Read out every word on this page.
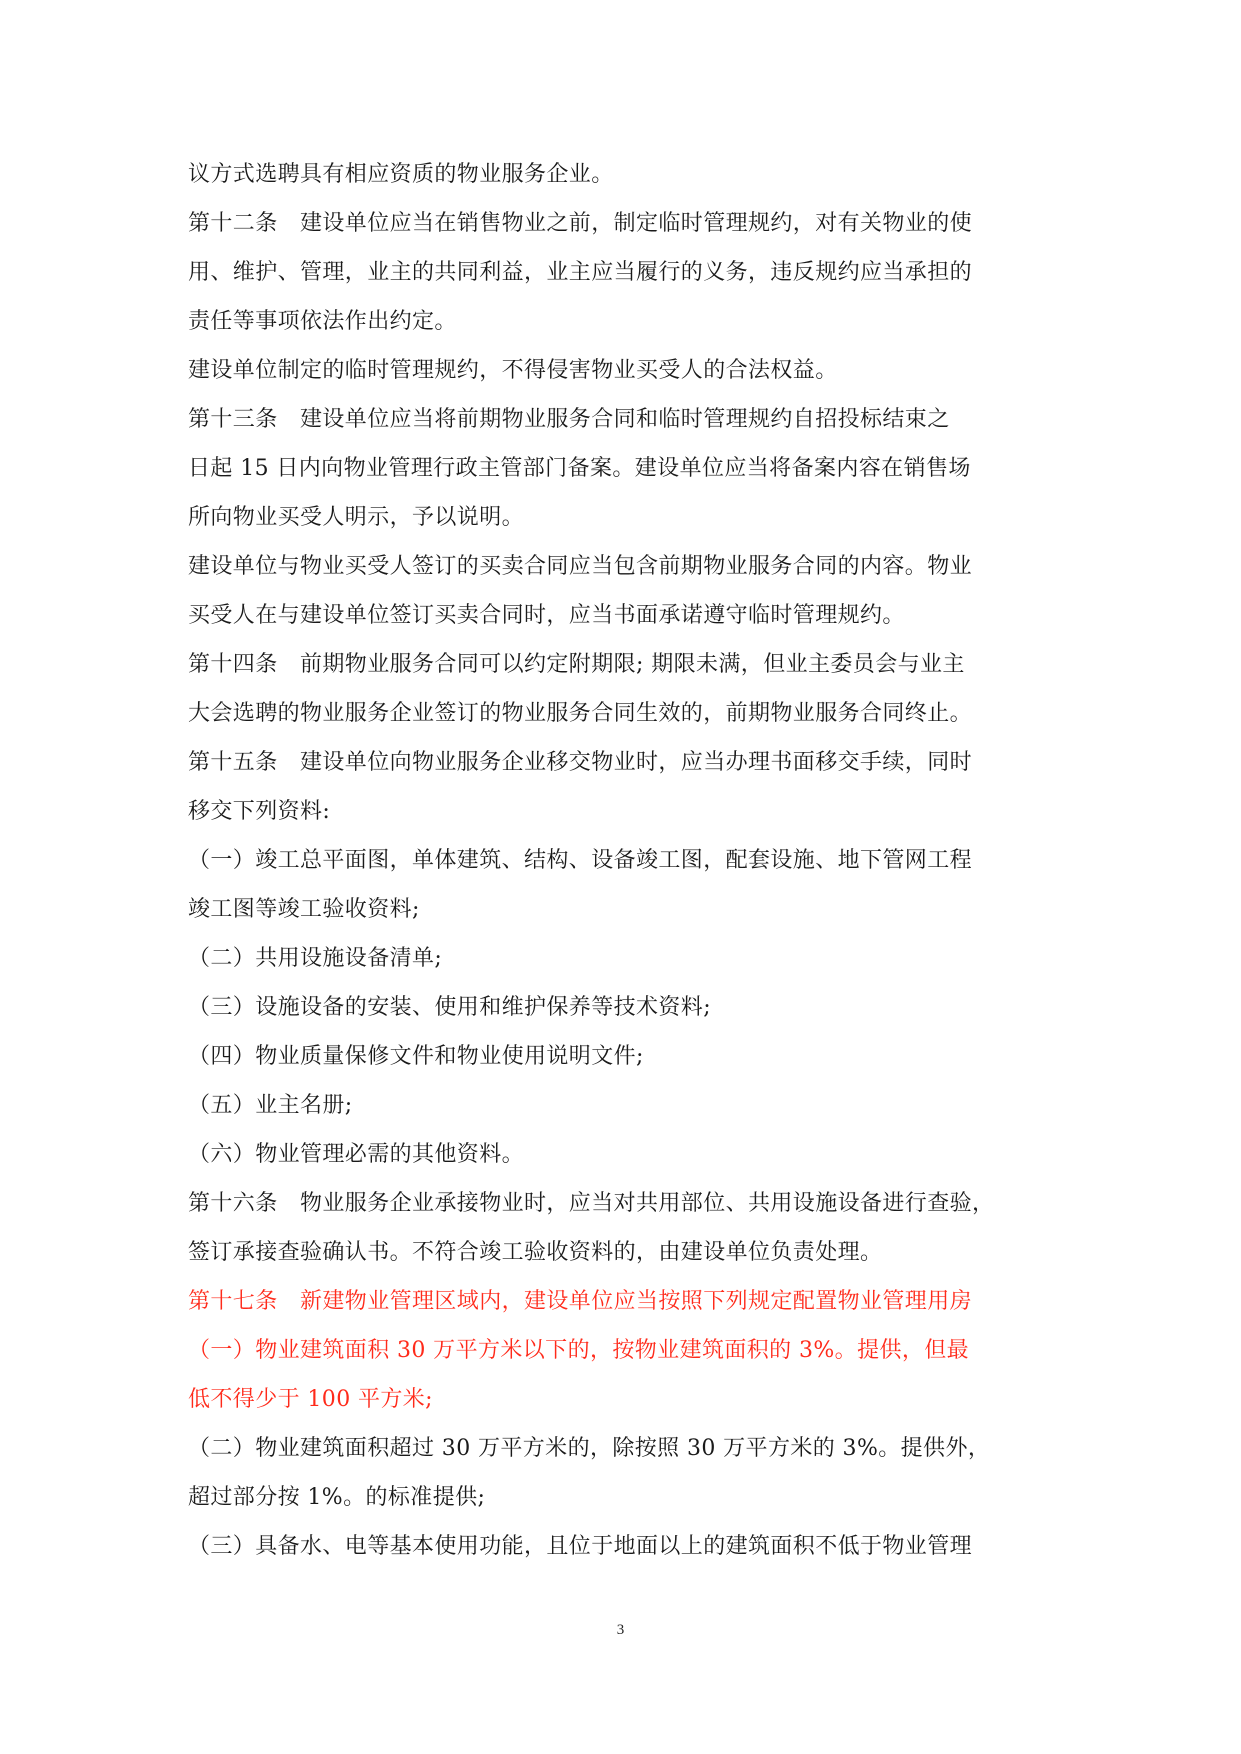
议方式选聘具有相应资质的物业服务企业。
第十二条　建设单位应当在销售物业之前，制定临时管理规约，对有关物业的使
用、维护、管理，业主的共同利益，业主应当履行的义务，违反规约应当承担的
责任等事项依法作出约定。
建设单位制定的临时管理规约，不得侵害物业买受人的合法权益。
第十三条　建设单位应当将前期物业服务合同和临时管理规约自招投标结束之
日起 15 日内向物业管理行政主管部门备案。建设单位应当将备案内容在销售场
所向物业买受人明示，予以说明。
建设单位与物业买受人签订的买卖合同应当包含前期物业服务合同的内容。物业
买受人在与建设单位签订买卖合同时，应当书面承诺遵守临时管理规约。
第十四条　前期物业服务合同可以约定附期限; 期限未满，但业主委员会与业主
大会选聘的物业服务企业签订的物业服务合同生效的，前期物业服务合同终止。
第十五条　建设单位向物业服务企业移交物业时，应当办理书面移交手续，同时
移交下列资料:
（一）竣工总平面图，单体建筑、结构、设备竣工图，配套设施、地下管网工程
竣工图等竣工验收资料;
（二）共用设施设备清单;
（三）设施设备的安装、使用和维护保养等技术资料;
（四）物业质量保修文件和物业使用说明文件;
（五）业主名册;
（六）物业管理必需的其他资料。
第十六条　物业服务企业承接物业时，应当对共用部位、共用设施设备进行查验，
签订承接查验确认书。不符合竣工验收资料的，由建设单位负责处理。
第十七条　新建物业管理区域内，建设单位应当按照下列规定配置物业管理用房
（一）物业建筑面积 30 万平方米以下的，按物业建筑面积的 3%。提供，但最
低不得少于 100 平方米;
（二）物业建筑面积超过 30 万平方米的，除按照 30 万平方米的 3%。提供外，
超过部分按 1%。的标准提供;
（三）具备水、电等基本使用功能，且位于地面以上的建筑面积不低于物业管理
3
